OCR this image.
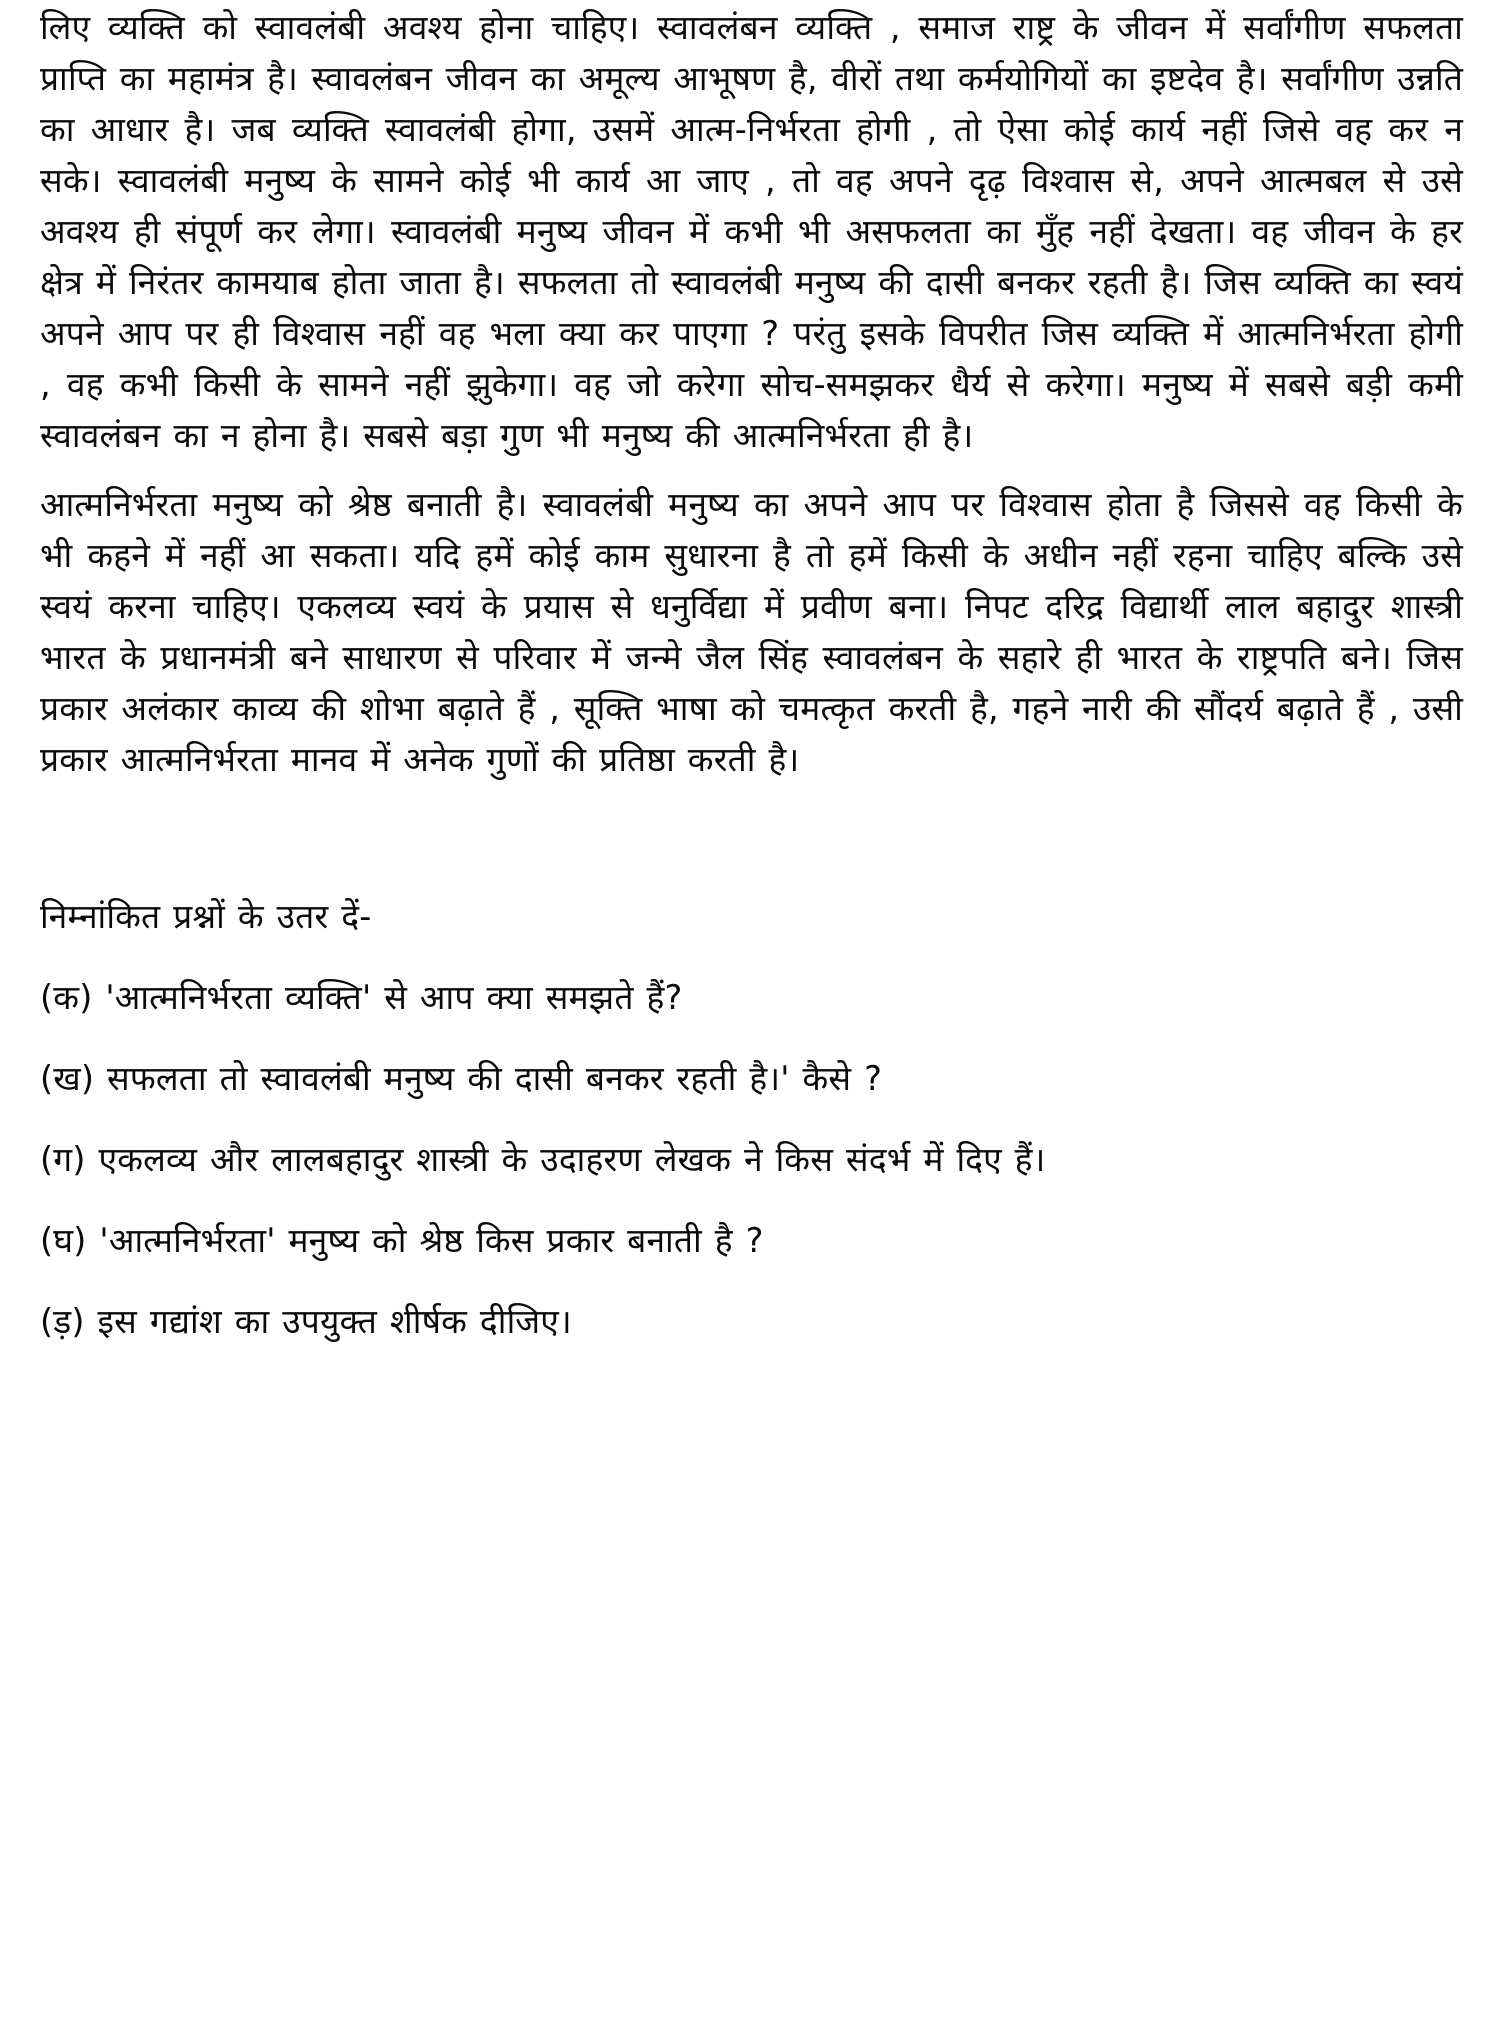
लिए व्यक्ति को स्वावलंबी अवश्य होना चाहिए। स्वावलंबन व्यक्ति , समाज राष्ट्र के जीवन में सर्वांगीण सफलता प्राप्ति का महामंत्र है। स्वावलंबन जीवन का अमूल्य आभूषण है, वीरों तथा कर्मयोगियों का इष्टदेव है। सर्वांगीण उन्नति का आधार है। जब व्यक्ति स्वावलंबी होगा, उसमें आत्म-निर्भरता होगी , तो ऐसा कोई कार्य नहीं जिसे वह कर न सके। स्वावलंबी मनुष्य के सामने कोई भी कार्य आ जाए , तो वह अपने दृढ़ विश्वास से, अपने आत्मबल से उसे अवश्य ही संपूर्ण कर लेगा। स्वावलंबी मनुष्य जीवन में कभी भी असफलता का मुँह नहीं देखता। वह जीवन के हर क्षेत्र में निरंतर कामयाब होता जाता है। सफलता तो स्वावलंबी मनुष्य की दासी बनकर रहती है। जिस व्यक्ति का स्वयं अपने आप पर ही विश्वास नहीं वह भला क्या कर पाएगा ? परंतु इसके विपरीत जिस व्यक्ति में आत्मनिर्भरता होगी , वह कभी किसी के सामने नहीं झुकेगा। वह जो करेगा सोच-समझकर धैर्य से करेगा। मनुष्य में सबसे बड़ी कमी स्वावलंबन का न होना है। सबसे बड़ा गुण भी मनुष्य की आत्मनिर्भरता ही है।

आत्मनिर्भरता मनुष्य को श्रेष्ठ बनाती है। स्वावलंबी मनुष्य का अपने आप पर विश्वास होता है जिससे वह किसी के भी कहने में नहीं आ सकता। यदि हमें कोई काम सुधारना है तो हमें किसी के अधीन नहीं रहना चाहिए बल्कि उसे स्वयं करना चाहिए। एकलव्य स्वयं के प्रयास से धनुर्विद्या में प्रवीण बना। निपट दरिद्र विद्यार्थी लाल बहादुर शास्त्री भारत के प्रधानमंत्री बने साधारण से परिवार में जन्मे जैल सिंह स्वावलंबन के सहारे ही भारत के राष्ट्रपति बने। जिस प्रकार अलंकार काव्य की शोभा बढ़ाते हैं , सूक्ति भाषा को चमत्कृत करती है, गहने नारी की सौंदर्य बढ़ाते हैं , उसी प्रकार आत्मनिर्भरता मानव में अनेक गुणों की प्रतिष्ठा करती है।

निम्नांकित प्रश्नों के उतर दें-

(क) 'आत्मनिर्भरता व्यक्ति' से आप क्या समझते हैं?
(ख) सफलता तो स्वावलंबी मनुष्य की दासी बनकर रहती है।' कैसे ?
(ग) एकलव्य और लालबहादुर शास्त्री के उदाहरण लेखक ने किस संदर्भ में दिए हैं।
(घ) 'आत्मनिर्भरता' मनुष्य को श्रेष्ठ किस प्रकार बनाती है ?
(ड़) इस गद्यांश का उपयुक्त शीर्षक दीजिए।
